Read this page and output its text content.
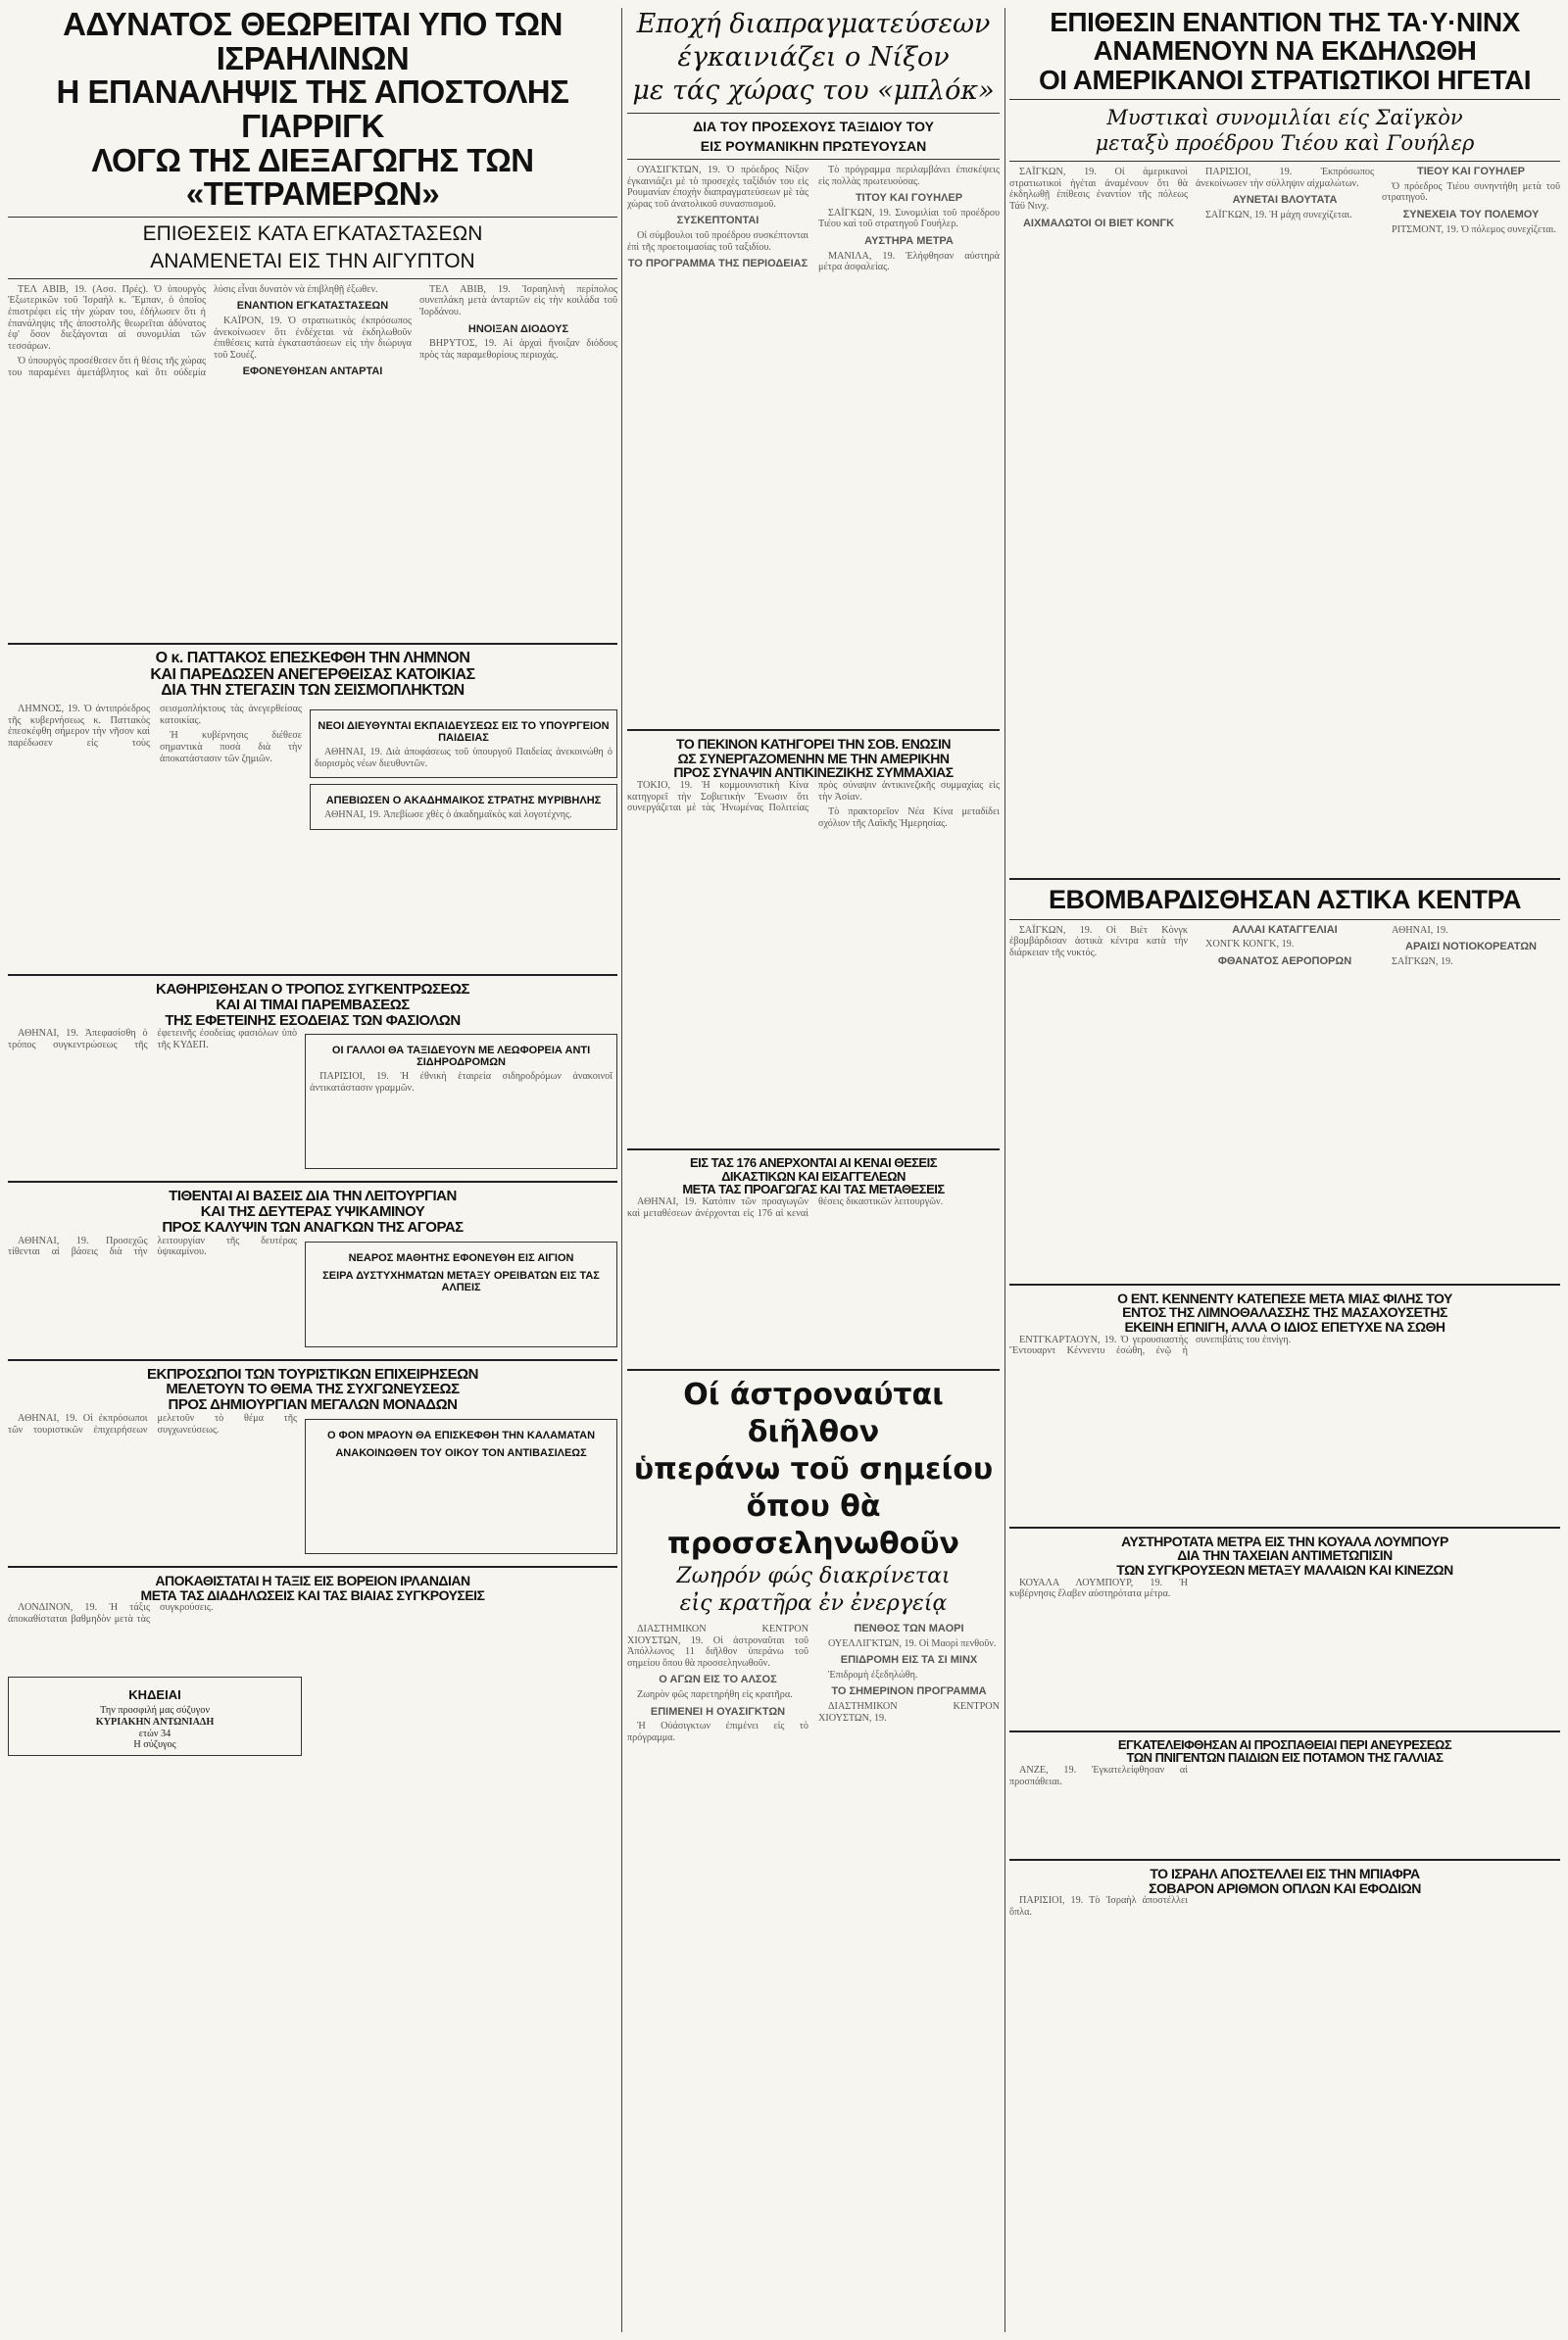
ΑΔΥΝΑΤΟΣ ΘΕΩΡΕΙΤΑΙ ΥΠΟ ΤΩΝ ΙΣΡΑΗΛΙΝΩΝ
Η ΕΠΑΝΑΛΗΨΙΣ ΤΗΣ ΑΠΟΣΤΟΛΗΣ ΓΙΑΡΡΙΓΚ
ΛΟΓΩ ΤΗΣ ΔΙΕΞΑΓΩΓΗΣ ΤΩΝ «ΤΕΤΡΑΜΕΡΩΝ»
ΕΠΙΘΕΣΕΙΣ ΚΑΤΑ ΕΓΚΑΤΑΣΤΑΣΕΩΝ
ΑΝΑΜΕΝΕΤΑΙ ΕΙΣ ΤΗΝ ΑΙΓΥΠΤΟΝ

ΤΕΛ ΑΒΙΒ, 19. (Ασσ. Πρές). Ὁ ὑπουργὸς Ἐξωτερικῶν τοῦ Ἰσραὴλ κ. Ἔμπαν, ὁ ὁποῖος ἐπιστρέφει εἰς τὴν χώραν του, ἐδήλωσεν ὅτι ἡ ἐπανάληψις τῆς ἀποστολῆς θεωρεῖται ἀδύνατος ἐφ' ὅσον διεξάγονται αἱ συνομιλίαι τῶν τεσσάρων.

Ὁ ὑπουργὸς προσέθεσεν ὅτι ἡ θέσις τῆς χώρας του παραμένει ἀμετάβλητος καὶ ὅτι οὐδεμία λύσις εἶναι δυνατὸν νὰ ἐπιβληθῇ ἐξωθεν.

ΕΝΑΝΤΙΟΝ ΕΓΚΑΤΑΣΤΑΣΕΩΝ

ΚΑΪΡΟΝ, 19. Ὁ στρατιωτικὸς ἐκπρόσωπος ἀνεκοίνωσεν ὅτι ἐνδέχεται νὰ ἐκδηλωθοῦν ἐπιθέσεις κατὰ ἐγκαταστάσεων εἰς τὴν διώρυγα τοῦ Σουέζ.

ΕΦΟΝΕΥΘΗΣΑΝ ΑΝΤΑΡΤΑΙ

ΤΕΛ ΑΒΙΒ, 19. Ἰσραηλινὴ περίπολος συνεπλάκη μετὰ ἀνταρτῶν εἰς τὴν κοιλάδα τοῦ Ἰορδάνου.

ΗΝΟΙΞΑΝ ΔΙΟΔΟΥΣ

ΒΗΡΥΤΟΣ, 19. Αἱ ἀρχαὶ ἤνοιξαν διόδους πρὸς τὰς παραμεθορίους περιοχάς.

Ο κ. ΠΑΤΤΑΚΟΣ ΕΠΕΣΚΕΦΘΗ ΤΗΝ ΛΗΜΝΟΝ
ΚΑΙ ΠΑΡΕΔΩΣΕΝ ΑΝΕΓΕΡΘΕΙΣΑΣ ΚΑΤΟΙΚΙΑΣ
ΔΙΑ ΤΗΝ ΣΤΕΓΑΣΙΝ ΤΩΝ ΣΕΙΣΜΟΠΛΗΚΤΩΝ

ΛΗΜΝΟΣ, 19. Ὁ ἀντιπρόεδρος τῆς κυβερνήσεως κ. Παττακὸς ἐπεσκέφθη σήμερον τὴν νῆσον καὶ παρέδωσεν εἰς τοὺς σεισμοπλήκτους τὰς ἀνεγερθείσας κατοικίας.

Ἡ κυβέρνησις διέθεσε σημαντικὰ ποσὰ διὰ τὴν ἀποκατάστασιν τῶν ζημιῶν.

ΝΕΟΙ ΔΙΕΥΘΥΝΤΑΙ ΕΚΠΑΙΔΕΥΣΕΩΣ ΕΙΣ ΤΟ ΥΠΟΥΡΓΕΙΟΝ ΠΑΙΔΕΙΑΣ

ΑΘΗΝΑΙ, 19. Διὰ ἀποφάσεως τοῦ ὑπουργοῦ Παιδείας ἀνεκοινώθη ὁ διορισμὸς νέων διευθυντῶν.

ΑΠΕΒΙΩΣΕΝ Ο ΑΚΑΔΗΜΑΙΚΟΣ ΣΤΡΑΤΗΣ ΜΥΡΙΒΗΛΗΣ

ΑΘΗΝΑΙ, 19. Ἀπεβίωσε χθὲς ὁ ἀκαδημαϊκὸς καὶ λογοτέχνης.

ΚΑΘΗΡΙΣΘΗΣΑΝ Ο ΤΡΟΠΟΣ ΣΥΓΚΕΝΤΡΩΣΕΩΣ
ΚΑΙ ΑΙ ΤΙΜΑΙ ΠΑΡΕΜΒΑΣΕΩΣ
ΤΗΣ ΕΦΕΤΕΙΝΗΣ ΕΣΟΔΕΙΑΣ ΤΩΝ ΦΑΣΙΟΛΩΝ

ΑΘΗΝΑΙ, 19. Ἀπεφασίσθη ὁ τρόπος συγκεντρώσεως τῆς ἐφετεινῆς ἐσοδείας φασιόλων ὑπὸ τῆς ΚΥΔΕΠ.	ΟΙ ΓΑΛΛΟΙ ΘΑ ΤΑΞΙΔΕΥΟΥΝ ΜΕ ΛΕΩΦΟΡΕΙΑ ΑΝΤΙ ΣΙΔΗΡΟΔΡΟΜΩΝ

ΠΑΡΙΣΙΟΙ, 19. Ἡ ἐθνικὴ ἑταιρεία σιδηροδρόμων ἀνακοινοῖ ἀντικατάστασιν γραμμῶν.

ΤΙΘΕΝΤΑΙ ΑΙ ΒΑΣΕΙΣ ΔΙΑ ΤΗΝ ΛΕΙΤΟΥΡΓΙΑΝ
ΚΑΙ ΤΗΣ ΔΕΥΤΕΡΑΣ ΥΨΙΚΑΜΙΝΟΥ
ΠΡΟΣ ΚΑΛΥΨΙΝ ΤΩΝ ΑΝΑΓΚΩΝ ΤΗΣ ΑΓΟΡΑΣ

ΑΘΗΝΑΙ, 19. Προσεχῶς τίθενται αἱ βάσεις διὰ τὴν λειτουργίαν τῆς δευτέρας ὑψικαμίνου.	ΝΕΑΡΟΣ ΜΑΘΗΤΗΣ ΕΦΟΝΕΥΘΗ ΕΙΣ ΑΙΓΙΟΝ
ΣΕΙΡΑ ΔΥΣΤΥΧΗΜΑΤΩΝ ΜΕΤΑΞΥ ΟΡΕΙΒΑΤΩΝ ΕΙΣ ΤΑΣ ΑΛΠΕΙΣ
ΕΚΠΡΟΣΩΠΟΙ ΤΩΝ ΤΟΥΡΙΣΤΙΚΩΝ ΕΠΙΧΕΙΡΗΣΕΩΝ
ΜΕΛΕΤΟΥΝ ΤΟ ΘΕΜΑ ΤΗΣ ΣΥΧΓΩΝΕΥΣΕΩΣ
ΠΡΟΣ ΔΗΜΙΟΥΡΓΙΑΝ ΜΕΓΑΛΩΝ ΜΟΝΑΔΩΝ

ΑΘΗΝΑΙ, 19. Οἱ ἐκπρόσωποι τῶν τουριστικῶν ἐπιχειρήσεων μελετοῦν τὸ θέμα τῆς συγχωνεύσεως.	Ο ΦΟΝ ΜΡΑΟΥΝ ΘΑ ΕΠΙΣΚΕΦΘΗ ΤΗΝ ΚΑΛΑΜΑΤΑΝ
ΑΝΑΚΟΙΝΩΘΕΝ ΤΟΥ ΟΙΚΟΥ ΤΟΝ ΑΝΤΙΒΑΣΙΛΕΩΣ
ΑΠΟΚΑΘΙΣΤΑΤΑΙ Η ΤΑΞΙΣ ΕΙΣ ΒΟΡΕΙΟΝ ΙΡΛΑΝΔΙΑΝ
ΜΕΤΑ ΤΑΣ ΔΙΑΔΗΛΩΣΕΙΣ ΚΑΙ ΤΑΣ ΒΙΑΙΑΣ ΣΥΓΚΡΟΥΣΕΙΣ

ΛΟΝΔΙΝΟΝ, 19. Ἡ τάξις ἀποκαθίσταται βαθμηδὸν μετὰ τὰς συγκρούσεις.

ΚΗΔΕΙΑΙ
Την προσφιλή μας σύζυγον
ΚΥΡΙΑΚΗΝ ΑΝΤΩΝΙΑΔΗ
ετών 34
Η σύζυγος
Εποχή διαπραγματεύσεων
έγκαινιάζει ο Νίξον
με τάς χώρας του «μπλόκ»
ΔΙΑ ΤΟΥ ΠΡΟΣΕΧΟΥΣ ΤΑΞΙΔΙΟΥ ΤΟΥ
ΕΙΣ ΡΟΥΜΑΝΙΚΗΝ ΠΡΩΤΕΥΟΥΣΑΝ

ΟΥΑΣΙΓΚΤΩΝ, 19. Ὁ πρόεδρος Νίξον ἐγκαινιάζει μὲ τὸ προσεχὲς ταξίδιόν του εἰς Ρουμανίαν ἐποχὴν διαπραγματεύσεων μὲ τὰς χώρας τοῦ ἀνατολικοῦ συνασπισμοῦ.

ΣΥΣΚΕΠΤΟΝΤΑΙ

Οἱ σύμβουλοι τοῦ προέδρου συσκέπτονται ἐπὶ τῆς προετοιμασίας τοῦ ταξιδίου.

ΤΟ ΠΡΟΓΡΑΜΜΑ ΤΗΣ ΠΕΡΙΟΔΕΙΑΣ

Τὸ πρόγραμμα περιλαμβάνει ἐπισκέψεις εἰς πολλὰς πρωτευούσας.

ΤΙΤΟΥ ΚΑΙ ΓΟΥΗΛΕΡ

ΣΑΪΓΚΩΝ, 19. Συνομιλίαι τοῦ προέδρου Τιέου καὶ τοῦ στρατηγοῦ Γουήλερ.

ΑΥΣΤΗΡΑ ΜΕΤΡΑ

ΜΑΝΙΛΑ, 19. Ἐλήφθησαν αὐστηρὰ μέτρα ἀσφαλείας.

ΤΟ ΠΕΚΙΝΟΝ ΚΑΤΗΓΟΡΕΙ ΤΗΝ ΣΟΒ. ΕΝΩΣΙΝ
ΩΣ ΣΥΝΕΡΓΑΖΟΜΕΝΗΝ ΜΕ ΤΗΝ ΑΜΕΡΙΚΗΝ
ΠΡΟΣ ΣΥΝΑΨΙΝ ΑΝΤΙΚΙΝΕΖΙΚΗΣ ΣΥΜΜΑΧΙΑΣ

ΤΟΚΙΟ, 19. Ἡ κομμουνιστικὴ Κίνα κατηγορεῖ τὴν Σοβιετικὴν Ἕνωσιν ὅτι συνεργάζεται μὲ τὰς Ἡνωμένας Πολιτείας πρὸς σύναψιν ἀντικινεζικῆς συμμαχίας εἰς τὴν Ἀσίαν.

Τὸ πρακτορεῖον Νέα Κίνα μεταδίδει σχόλιον τῆς Λαϊκῆς Ἡμερησίας.

ΕΙΣ ΤΑΣ 176 ΑΝΕΡΧΟΝΤΑΙ ΑΙ ΚΕΝΑΙ ΘΕΣΕΙΣ
ΔΙΚΑΣΤΙΚΩΝ ΚΑΙ ΕΙΣΑΓΓΕΛΕΩΝ
ΜΕΤΑ ΤΑΣ ΠΡΟΑΓΩΓΑΣ ΚΑΙ ΤΑΣ ΜΕΤΑΘΕΣΕΙΣ

ΑΘΗΝΑΙ, 19. Κατόπιν τῶν προαγωγῶν καὶ μεταθέσεων ἀνέρχονται εἰς 176 αἱ κεναὶ θέσεις δικαστικῶν λειτουργῶν.

Οί άστροναύται διῆλθον
ὑπεράνω τοῦ σημείου
ὅπου θὰ προσσεληνωθοῦν
Ζωηρόν φώς διακρίνεται
εἰς κρατῆρα ἐν ἐνεργείᾳ

ΔΙΑΣΤΗΜΙΚΟΝ ΚΕΝΤΡΟΝ ΧΙΟΥΣΤΩΝ, 19. Οἱ ἀστροναῦται τοῦ Ἀπόλλωνος 11 διῆλθον ὑπεράνω τοῦ σημείου ὅπου θὰ προσσεληνωθοῦν.

Ο ΑΓΩΝ ΕΙΣ ΤΟ ΑΛΣΟΣ

Ζωηρὸν φῶς παρετηρήθη εἰς κρατῆρα.

ΕΠΙΜΕΝΕΙ Η ΟΥΑΣΙΓΚΤΩΝ

Ἡ Οὐάσιγκτων ἐπιμένει εἰς τὸ πρόγραμμα.

ΠΕΝΘΟΣ ΤΩΝ ΜΑΟΡΙ

ΟΥΕΛΛΙΓΚΤΩΝ, 19. Οἱ Μαορὶ πενθοῦν.

ΕΠΙΔΡΟΜΗ ΕΙΣ ΤΑ ΣΙ ΜΙΝΧ

Ἐπιδρομὴ ἐξεδηλώθη.

ΤΟ ΣΗΜΕΡΙΝΟΝ ΠΡΟΓΡΑΜΜΑ

ΔΙΑΣΤΗΜΙΚΟΝ ΚΕΝΤΡΟΝ ΧΙΟΥΣΤΩΝ, 19.

ΕΠΙΘΕΣΙΝ ΕΝΑΝΤΙΟΝ ΤΗΣ ΤΑ·Υ·ΝΙΝΧ
ΑΝΑΜΕΝΟΥΝ ΝΑ ΕΚΔΗΛΩΘΗ
ΟΙ ΑΜΕΡΙΚΑΝΟΙ ΣΤΡΑΤΙΩΤΙΚΟΙ ΗΓΕΤΑΙ
Μυστικαὶ συνομιλίαι είς Σαϊγκὸν
μεταξὺ προέδρου Τιέου καὶ Γουήλερ

ΣΑΪΓΚΩΝ, 19. Οἱ ἀμερικανοὶ στρατιωτικοὶ ἡγέται ἀναμένουν ὅτι θὰ ἐκδηλωθῇ ἐπίθεσις ἐναντίον τῆς πόλεως Τάϋ Νινχ.

ΑΙΧΜΑΛΩΤΟΙ ΟΙ ΒΙΕΤ ΚΟΝΓΚ

ΠΑΡΙΣΙΟΙ, 19. Ἐκπρόσωπος ἀνεκοίνωσεν τὴν σύλληψιν αἰχμαλώτων.

ΑΥΝΕΤΑΙ ΒΛΟΥΤΑΤΑ

ΣΑΪΓΚΩΝ, 19. Ἡ μάχη συνεχίζεται.

ΤΙΕΟΥ ΚΑΙ ΓΟΥΗΛΕΡ

Ὁ πρόεδρος Τιέου συνηντήθη μετὰ τοῦ στρατηγοῦ.

ΣΥΝΕΧΕΙΑ ΤΟΥ ΠΟΛΕΜΟΥ

ΡΙΤΣΜΟΝΤ, 19. Ὁ πόλεμος συνεχίζεται.

ΕΒΟΜΒΑΡΔΙΣΘΗΣΑΝ ΑΣΤΙΚΑ ΚΕΝΤΡΑ

ΣΑΪΓΚΩΝ, 19. Οἱ Βιὲτ Κὸνγκ ἐβομβάρδισαν ἀστικὰ κέντρα κατὰ τὴν διάρκειαν τῆς νυκτός.

ΑΛΛΑΙ ΚΑΤΑΓΓΕΛΙΑΙ

ΧΟΝΓΚ ΚΟΝΓΚ, 19.

ΦΘΑΝΑΤΟΣ ΑΕΡΟΠΟΡΩΝ

ΑΘΗΝΑΙ, 19.

ΑΡΑΙΣΙ ΝΟΤΙΟΚΟΡΕΑΤΩΝ

ΣΑΪΓΚΩΝ, 19.

Ο ΕΝΤ. ΚΕΝΝΕΝΤΥ ΚΑΤΕΠΕΣΕ ΜΕΤΑ ΜΙΑΣ ΦΙΛΗΣ ΤΟΥ
ΕΝΤΟΣ ΤΗΣ ΛΙΜΝΟΘΑΛΑΣΣΗΣ ΤΗΣ ΜΑΣΑΧΟΥΣΕΤΗΣ
ΕΚΕΙΝΗ ΕΠΝΙΓΗ, ΑΛΛΑ Ο ΙΔΙΟΣ ΕΠΕΤΥΧΕ ΝΑ ΣΩΘΗ

ΕΝΤΓΚΑΡΤΑΟΥΝ, 19. Ὁ γερουσιαστὴς Ἔντουαρντ Κέννεντυ ἐσώθη, ἐνῷ ἡ συνεπιβάτις του ἐπνίγη.

ΑΥΣΤΗΡΟΤΑΤΑ ΜΕΤΡΑ ΕΙΣ ΤΗΝ ΚΟΥΑΛΑ ΛΟΥΜΠΟΥΡ
ΔΙΑ ΤΗΝ ΤΑΧΕΙΑΝ ΑΝΤΙΜΕΤΩΠΙΣΙΝ
ΤΩΝ ΣΥΓΚΡΟΥΣΕΩΝ ΜΕΤΑΞΥ ΜΑΛΑΙΩΝ ΚΑΙ ΚΙΝΕΖΩΝ

ΚΟΥΑΛΑ ΛΟΥΜΠΟΥΡ, 19. Ἡ κυβέρνησις ἔλαβεν αὐστηρότατα μέτρα.

ΕΓΚΑΤΕΛΕΙΦΘΗΣΑΝ ΑΙ ΠΡΟΣΠΑΘΕΙΑΙ ΠΕΡΙ ΑΝΕΥΡΕΣΕΩΣ
ΤΩΝ ΠΝΙΓΕΝΤΩΝ ΠΑΙΔΙΩΝ ΕΙΣ ΠΟΤΑΜΟΝ ΤΗΣ ΓΑΛΛΙΑΣ

ΑΝΖΕ, 19. Ἐγκατελείφθησαν αἱ προσπάθειαι.

ΤΟ ΙΣΡΑΗΛ ΑΠΟΣΤΕΛΛΕΙ ΕΙΣ ΤΗΝ ΜΠΙΑΦΡΑ
ΣΟΒΑΡΟΝ ΑΡΙΘΜΟΝ ΟΠΛΩΝ ΚΑΙ ΕΦΟΔΙΩΝ

ΠΑΡΙΣΙΟΙ, 19. Τὸ Ἰσραὴλ ἀποστέλλει ὅπλα.
